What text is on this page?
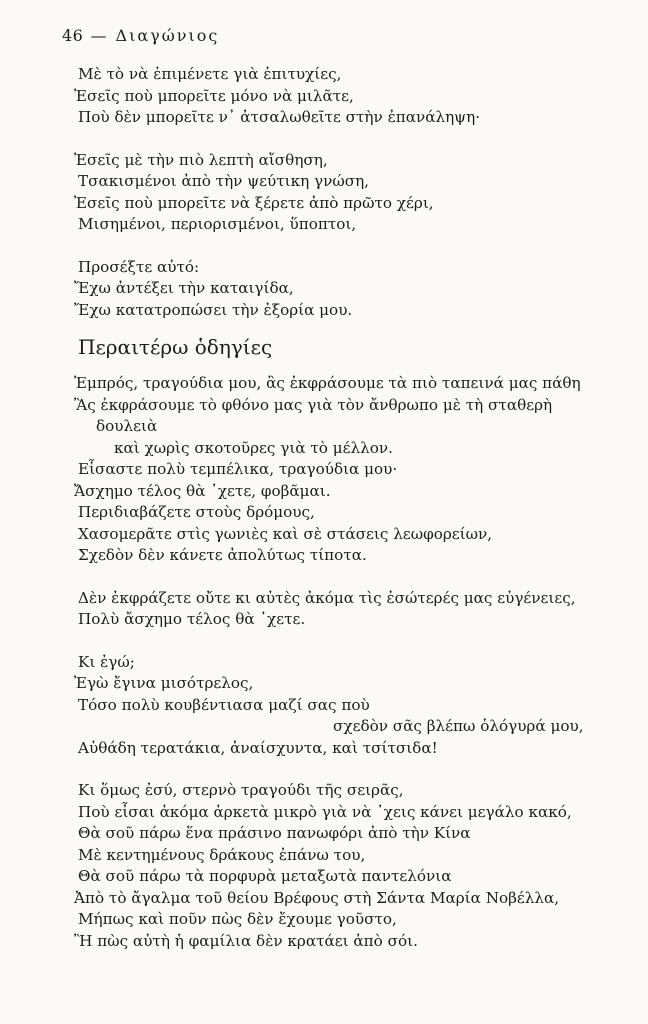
46 — Διαγώνιος
Μὲ τὸ νὰ ἐπιμένετε γιὰ ἐπιτυχίες,
Ἐσεῖς ποὺ μπορεῖτε μόνο νὰ μιλᾶτε,
Ποὺ δὲν μπορεῖτε ν᾽ ἀτσαλωθεῖτε στὴν ἐπανάληψη·
Ἐσεῖς μὲ τὴν πιὸ λεπτὴ αἴσθηση,
Τσακισμένοι ἀπὸ τὴν ψεύτικη γνώση,
Ἐσεῖς ποὺ μπορεῖτε νὰ ξέρετε ἀπὸ πρῶτο χέρι,
Μισημένοι, περιορισμένοι, ὕποπτοι,
Προσέξτε αὐτό:
Ἔχω ἀντέξει τὴν καταιγίδα,
Ἔχω κατατροπώσει τὴν ἐξορία μου.
Περαιτέρω ὁδηγίες
Ἐμπρός, τραγούδια μου, ἂς ἐκφράσουμε τὰ πιὸ ταπεινά μας πάθη
Ἂς ἐκφράσουμε τὸ φθόνο μας γιὰ τὸν ἄνθρωπο μὲ τὴ σταθερὴ
δουλειὰ
καὶ χωρὶς σκοτοῦρες γιὰ τὸ μέλλον.
Εἶσαστε πολὺ τεμπέλικα, τραγούδια μου·
Ἄσχημο τέλος θὰ ᾽χετε, φοβᾶμαι.
Περιδιαβάζετε στοὺς δρόμους,
Χασομερᾶτε στὶς γωνιὲς καὶ σὲ στάσεις λεωφορείων,
Σχεδὸν δὲν κάνετε ἀπολύτως τίποτα.
Δὲν ἐκφράζετε οὔτε κι αὐτὲς ἀκόμα τὶς ἐσώτερές μας εὐγένειες,
Πολὺ ἄσχημο τέλος θὰ ᾽χετε.
Κι ἐγώ;
Ἐγὼ ἔγινα μισότρελος,
Τόσο πολὺ κουβέντιασα μαζί σας ποὺ
σχεδὸν σᾶς βλέπω ὁλόγυρά μου,
Αὐθάδη τερατάκια, ἀναίσχυντα, καὶ τσίτσιδα!
Κι ὅμως ἐσύ, στερνὸ τραγούδι τῆς σειρᾶς,
Ποὺ εἶσαι ἀκόμα ἀρκετὰ μικρὸ γιὰ νὰ ᾽χεις κάνει μεγάλο κακό,
Θὰ σοῦ πάρω ἕνα πράσινο πανωφόρι ἀπὸ τὴν Κίνα
Μὲ κεντημένους δράκους ἐπάνω του,
Θὰ σοῦ πάρω τὰ πορφυρὰ μεταξωτὰ παντελόνια
Ἀπὸ τὸ ἄγαλμα τοῦ θείου Βρέφους στὴ Σάντα Μαρία Νοβέλλα,
Μήπως καὶ ποῦν πὼς δὲν ἔχουμε γοῦστο,
Ἢ πὼς αὐτὴ ἡ φαμίλια δὲν κρατάει ἀπὸ σόι.
